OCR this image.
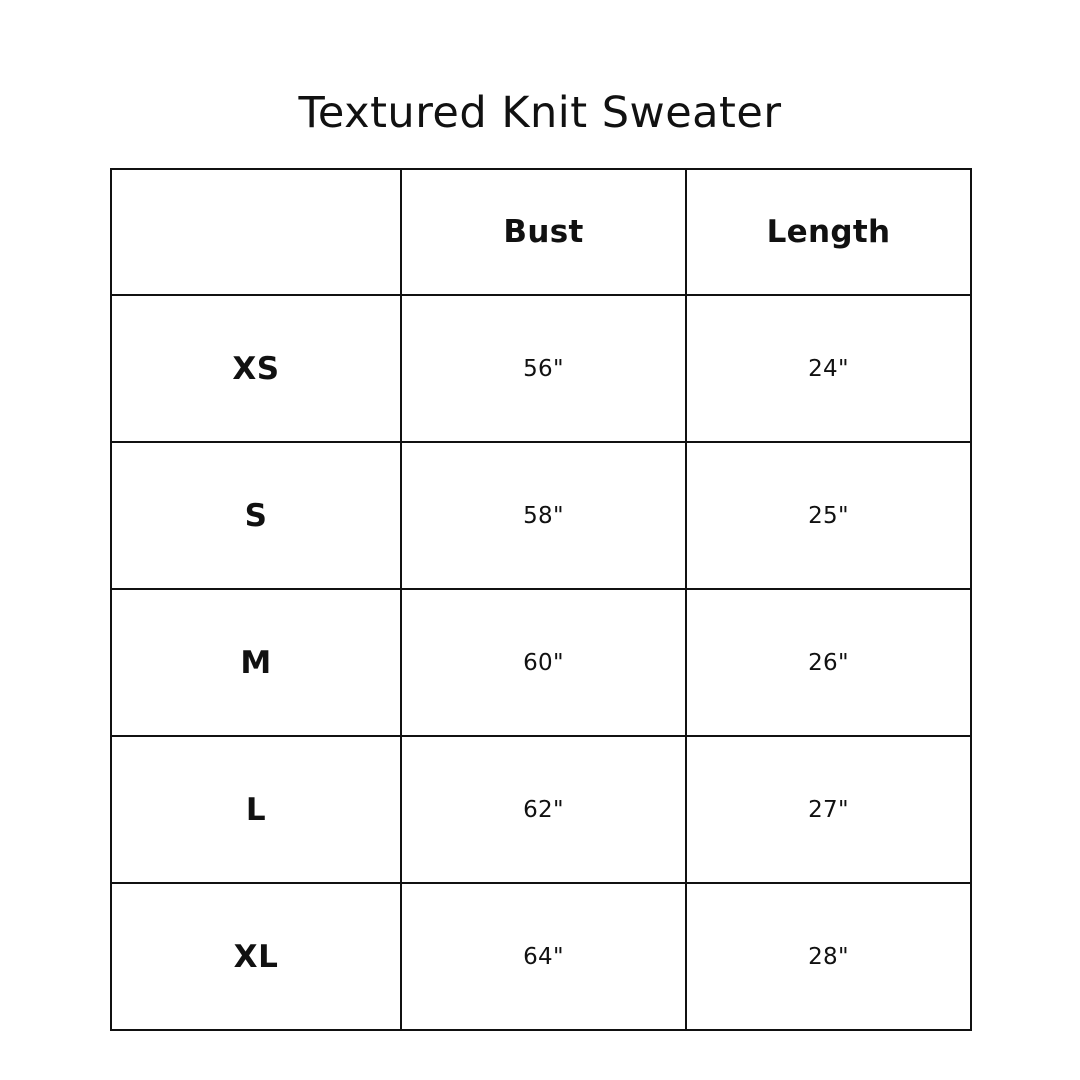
Textured Knit Sweater
	Bust	Length
XS	56"	24"
S	58"	25"
M	60"	26"
L	62"	27"
XL	64"	28"
